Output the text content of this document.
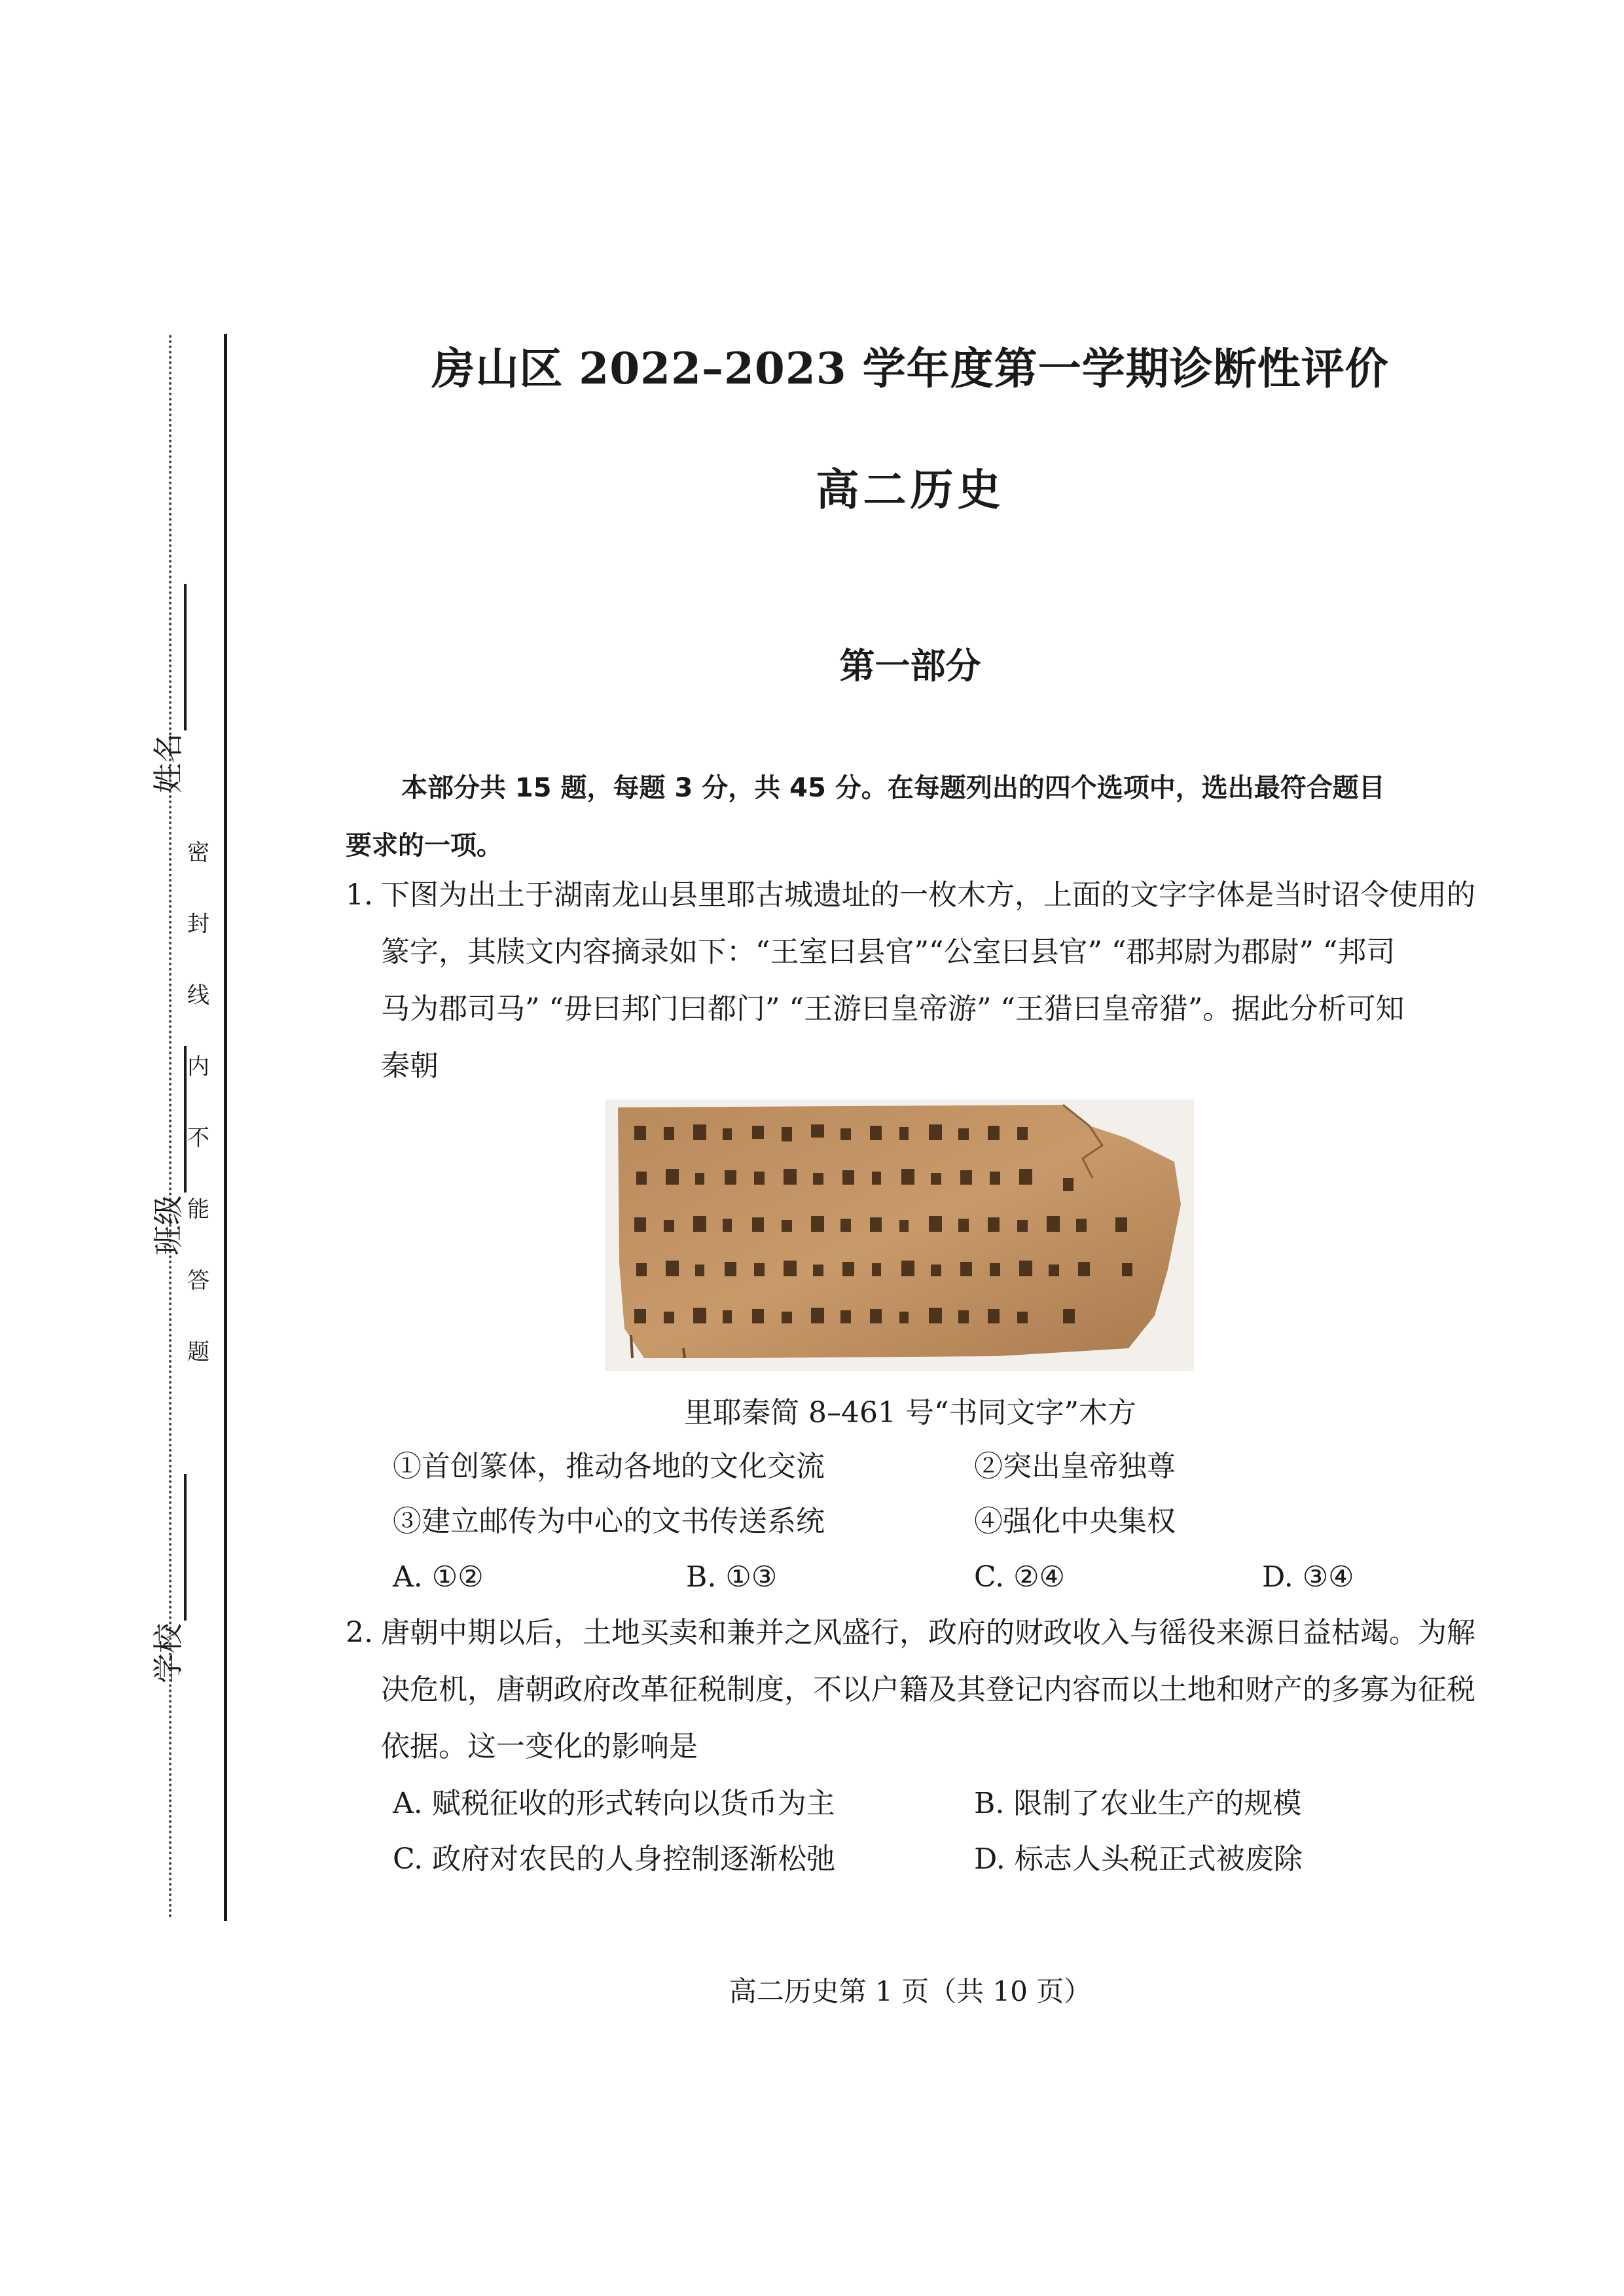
姓名
班级
学校
密
封
线
内
不
能
答
题
房山区 2022–2023 学年度第一学期诊断性评价
高二历史
第一部分
本部分共 15 题，每题 3 分，共 45 分。在每题列出的四个选项中，选出最符合题目
要求的一项。
1. 下图为出土于湖南龙山县里耶古城遗址的一枚木方，上面的文字字体是当时诏令使用的
篆字，其牍文内容摘录如下：“王室曰县官”“公室曰县官” “郡邦尉为郡尉” “邦司
马为郡司马” “毋曰邦门曰都门” “王游曰皇帝游” “王猎曰皇帝猎”。据此分析可知
秦朝
里耶秦简 8–461 号“书同文字”木方
①首创篆体，推动各地的文化交流	②突出皇帝独尊
③建立邮传为中心的文书传送系统	④强化中央集权
A. ①②	B. ①③	C. ②④	D. ③④
2. 唐朝中期以后，土地买卖和兼并之风盛行，政府的财政收入与徭役来源日益枯竭。为解
决危机，唐朝政府改革征税制度，不以户籍及其登记内容而以土地和财产的多寡为征税
依据。这一变化的影响是
A. 赋税征收的形式转向以货币为主	B. 限制了农业生产的规模
C. 政府对农民的人身控制逐渐松弛	D. 标志人头税正式被废除
高二历史第 1 页（共 10 页）
